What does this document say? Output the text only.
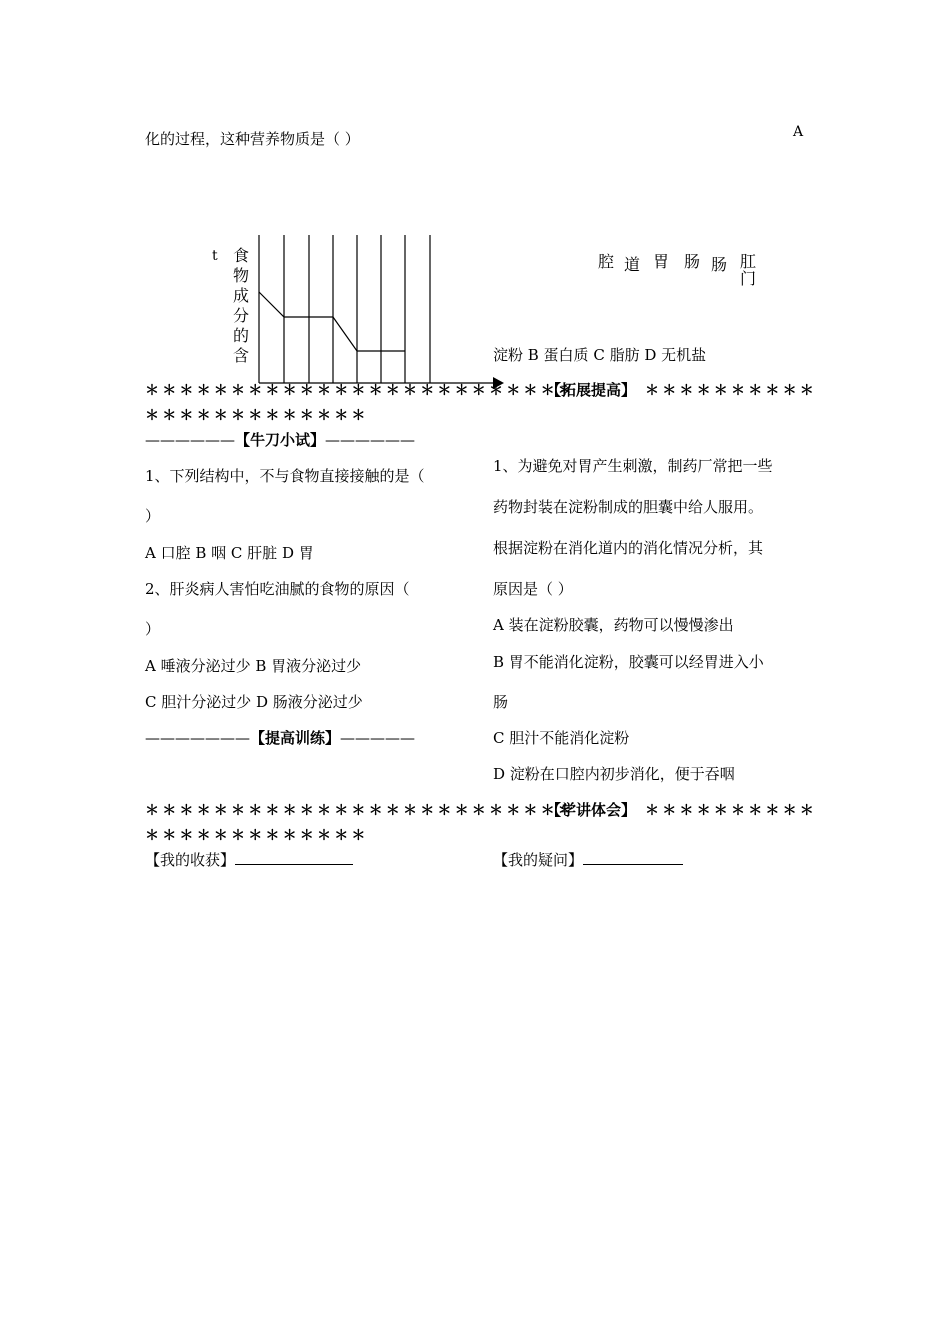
化的过程，这种营养物质是（ ）	A
t 食
物
成
分
的
含
腔 道 胃 肠 肠 肛
门
淀粉 B 蛋白质 C 脂肪 D 无机盐
＊＊＊＊＊＊＊＊＊＊＊＊＊＊＊＊＊＊＊＊＊＊＊＊＊
【拓展提高】 ＊＊＊＊＊＊＊＊＊＊
＊＊＊＊＊＊＊＊＊＊＊＊＊
——————【牛刀小试】——————
1、下列结构中，不与食物直接接触的是（
）
A 口腔 B 咽 C 肝脏 D 胃
2、肝炎病人害怕吃油腻的食物的原因（
）
A 唾液分泌过少 B 胃液分泌过少
C 胆汁分泌过少 D 肠液分泌过少
———————【提高训练】—————
1、为避免对胃产生刺激，制药厂常把一些
药物封装在淀粉制成的胆囊中给人服用。
根据淀粉在消化道内的消化情况分析，其
原因是（ ）
A 装在淀粉胶囊，药物可以慢慢渗出
B 胃不能消化淀粉，胶囊可以经胃进入小
肠
C 胆汁不能消化淀粉
D 淀粉在口腔内初步消化，便于吞咽
＊＊＊＊＊＊＊＊＊＊＊＊＊＊＊＊＊＊＊＊＊＊＊＊＊
【学讲体会】 ＊＊＊＊＊＊＊＊＊＊
＊＊＊＊＊＊＊＊＊＊＊＊＊
【我的收获】	【我的疑问】
